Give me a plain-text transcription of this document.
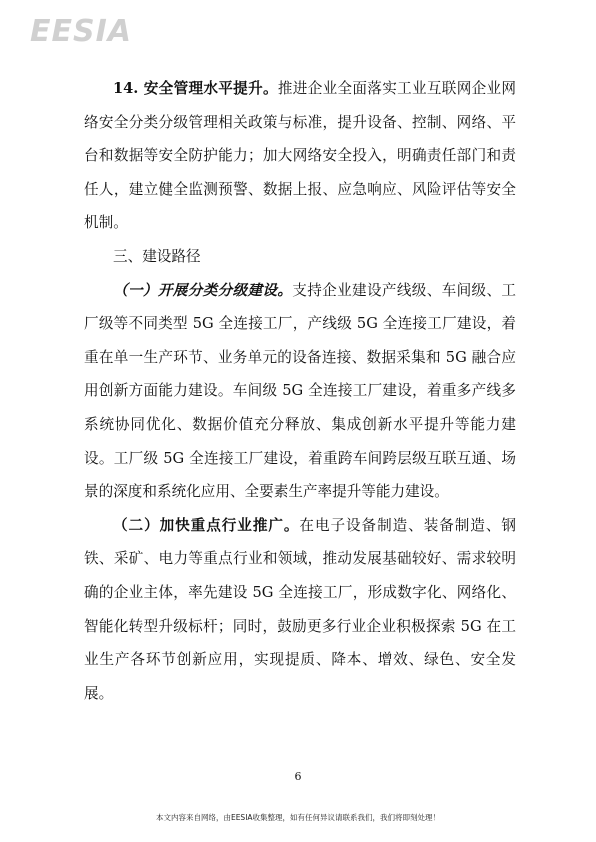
EESIA

14. 安全管理水平提升。推进企业全面落实工业互联网企业网络安全分类分级管理相关政策与标准，提升设备、控制、网络、平台和数据等安全防护能力；加大网络安全投入，明确责任部门和责任人，建立健全监测预警、数据上报、应急响应、风险评估等安全机制。

三、建设路径

（一）开展分类分级建设。支持企业建设产线级、车间级、工厂级等不同类型 5G 全连接工厂，产线级 5G 全连接工厂建设，着重在单一生产环节、业务单元的设备连接、数据采集和 5G 融合应用创新方面能力建设。车间级 5G 全连接工厂建设，着重多产线多系统协同优化、数据价值充分释放、集成创新水平提升等能力建设。工厂级 5G 全连接工厂建设，着重跨车间跨层级互联互通、场景的深度和系统化应用、全要素生产率提升等能力建设。

（二）加快重点行业推广。在电子设备制造、装备制造、钢铁、采矿、电力等重点行业和领域，推动发展基础较好、需求较明确的企业主体，率先建设 5G 全连接工厂，形成数字化、网络化、智能化转型升级标杆；同时，鼓励更多行业企业积极探索 5G 在工业生产各环节创新应用，实现提质、降本、增效、绿色、安全发展。

6
本文内容来自网络，由EESIA收集整理，如有任何异议请联系我们，我们将即刻处理！
